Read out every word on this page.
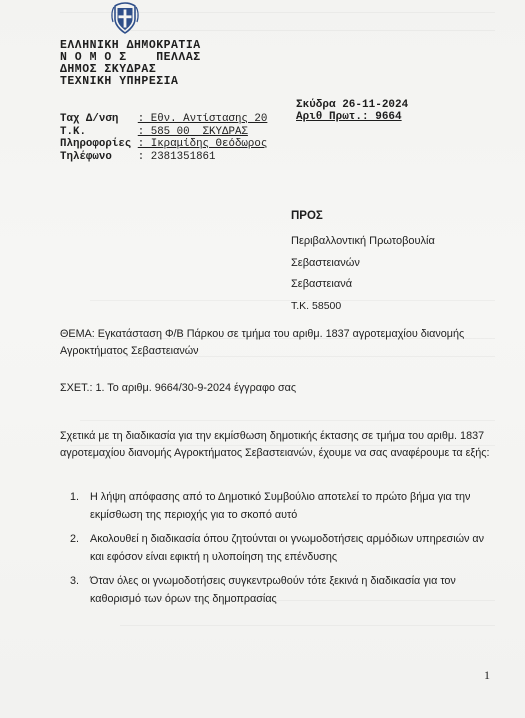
ΕΛΛΗΝΙΚΗ ΔΗΜΟΚΡΑΤΙΑ
Ν Ο Μ Ο Σ    ΠΕΛΛΑΣ
ΔΗΜΟΣ ΣΚΥΔΡΑΣ
ΤΕΧΝΙΚΗ ΥΠΗΡΕΣΙΑ
Σκύδρα 26-11-2024
Αριθ Πρωτ.: 9664
Ταχ Δ/νση   : Εθν. Αντίστασης 20
Τ.Κ.        : 585 00  ΣΚΥΔΡΑΣ
Πληροφορίες : Ικραμίδης Θεόδωρος
Τηλέφωνο    : 2381351861
ΠΡΟΣ
Περιβαλλοντική Πρωτοβουλία
Σεβαστειανών
Σεβαστειανά
Τ.Κ. 58500
ΘΕΜΑ: Εγκατάσταση Φ/Β Πάρκου σε τμήμα του αριθμ. 1837 αγροτεμαχίου διανομής Αγροκτήματος Σεβαστειανών
ΣΧΕΤ.: 1. Το αριθμ. 9664/30-9-2024 έγγραφο σας
Σχετικά με τη διαδικασία για την εκμίσθωση δημοτικής έκτασης σε τμήμα του αριθμ. 1837 αγροτεμαχίου διανομής Αγροκτήματος Σεβαστειανών, έχουμε να σας αναφέρουμε τα εξής:
1. Η λήψη απόφασης από το Δημοτικό Συμβούλιο αποτελεί το πρώτο βήμα για την εκμίσθωση της περιοχής για το σκοπό αυτό
2. Ακολουθεί η διαδικασία όπου ζητούνται οι γνωμοδοτήσεις αρμόδιων υπηρεσιών αν και εφόσον είναι εφικτή η υλοποίηση της επένδυσης
3. Όταν όλες οι γνωμοδοτήσεις συγκεντρωθούν τότε ξεκινά η διαδικασία για τον καθορισμό των όρων της δημοπρασίας
1
